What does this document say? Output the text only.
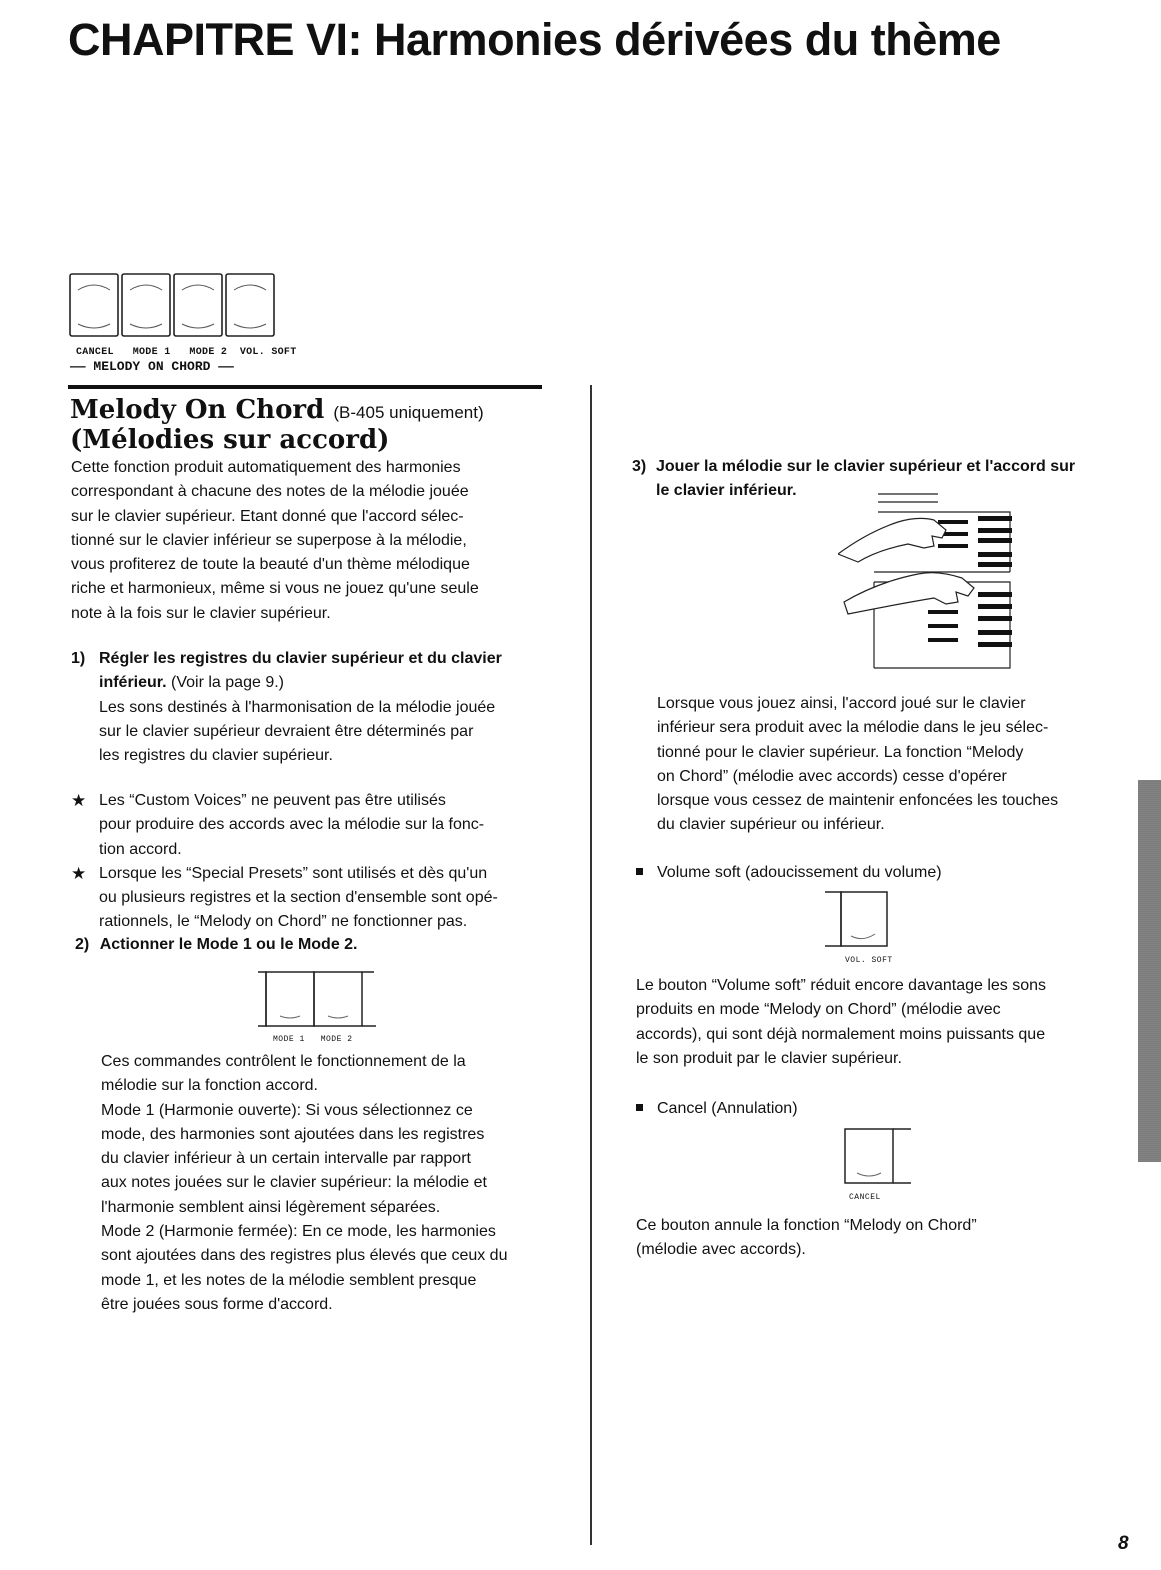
CHAPITRE VI: Harmonies dérivées du thème
CANCEL   MODE 1   MODE 2  VOL. SOFT
—— MELODY ON CHORD ——
Melody On Chord (B-405 uniquement)
(Mélodies sur accord)
Cette fonction produit automatiquement des harmonies
correspondant à chacune des notes de la mélodie jouée
sur le clavier supérieur. Etant donné que l'accord sélec-
tionné sur le clavier inférieur se superpose à la mélodie,
vous profiterez de toute la beauté d'un thème mélodique
riche et harmonieux, même si vous ne jouez qu'une seule
note à la fois sur le clavier supérieur.
1) Régler les registres du clavier supérieur et du clavier
inférieur. (Voir la page 9.)
Les sons destinés à l'harmonisation de la mélodie jouée
sur le clavier supérieur devraient être déterminés par
les registres du clavier supérieur.
★ Les “Custom Voices” ne peuvent pas être utilisés
pour produire des accords avec la mélodie sur la fonc-
tion accord.
★ Lorsque les “Special Presets” sont utilisés et dès qu'un
ou plusieurs registres et la section d'ensemble sont opé-
rationnels, le “Melody on Chord” ne fonctionner pas.
2) Actionner le Mode 1 ou le Mode 2.
MODE 1   MODE 2
Ces commandes contrôlent le fonctionnement de la
mélodie sur la fonction accord.
Mode 1 (Harmonie ouverte): Si vous sélectionnez ce
mode, des harmonies sont ajoutées dans les registres
du clavier inférieur à un certain intervalle par rapport
aux notes jouées sur le clavier supérieur: la mélodie et
l'harmonie semblent ainsi légèrement séparées.
Mode 2 (Harmonie fermée): En ce mode, les harmonies
sont ajoutées dans des registres plus élevés que ceux du
mode 1, et les notes de la mélodie semblent presque
être jouées sous forme d'accord.
3) Jouer la mélodie sur le clavier supérieur et l'accord sur
le clavier inférieur.
Lorsque vous jouez ainsi, l'accord joué sur le clavier
inférieur sera produit avec la mélodie dans le jeu sélec-
tionné pour le clavier supérieur. La fonction “Melody
on Chord” (mélodie avec accords) cesse d'opérer
lorsque vous cessez de maintenir enfoncées les touches
du clavier supérieur ou inférieur.
Volume soft (adoucissement du volume)
VOL. SOFT
Le bouton “Volume soft” réduit encore davantage les sons
produits en mode “Melody on Chord” (mélodie avec
accords), qui sont déjà normalement moins puissants que
le son produit par le clavier supérieur.
Cancel (Annulation)
CANCEL
Ce bouton annule la fonction “Melody on Chord”
(mélodie avec accords).
8
